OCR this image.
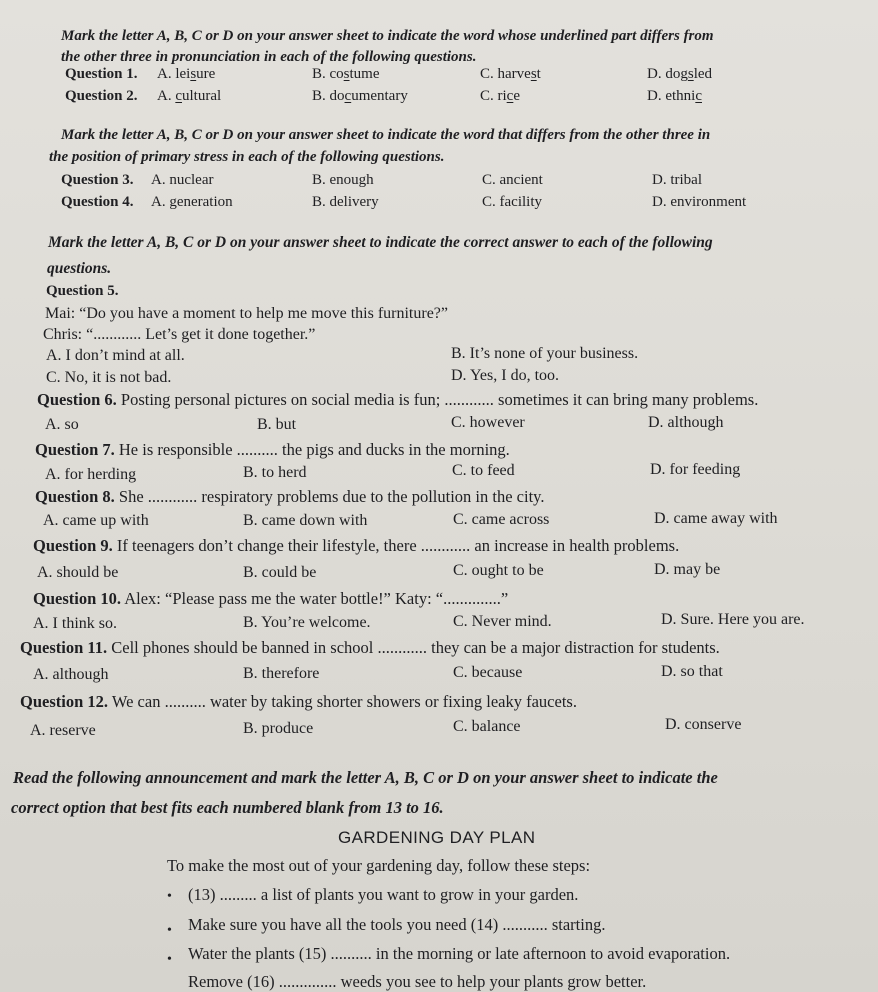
Mark the letter A, B, C or D on your answer sheet to indicate the word whose underlined part differs from
the other three in pronunciation in each of the following questions.
Question 1. A. leisure	B. costume	C. harvest	D. dogsled
Question 2. A. cultural	B. documentary	C. rice	D. ethnic
Mark the letter A, B, C or D on your answer sheet to indicate the word that differs from the other three in
the position of primary stress in each of the following questions.
Question 3. A. nuclear	B. enough	C. ancient	D. tribal
Question 4. A. generation	B. delivery	C. facility	D. environment
Mark the letter A, B, C or D on your answer sheet to indicate the correct answer to each of the following
questions.
Question 5.
Mai: “Do you have a moment to help me move this furniture?”
Chris: “............ Let’s get it done together.”
A. I don’t mind at all.	B. It’s none of your business.
C. No, it is not bad.	D. Yes, I do, too.
Question 6. Posting personal pictures on social media is fun; ............ sometimes it can bring many problems.
A. so	B. but	C. however	D. although
Question 7. He is responsible .......... the pigs and ducks in the morning.
A. for herding	B. to herd	C. to feed	D. for feeding
Question 8. She ............ respiratory problems due to the pollution in the city.
A. came up with	B. came down with	C. came across	D. came away with
Question 9. If teenagers don’t change their lifestyle, there ............ an increase in health problems.
A. should be	B. could be	C. ought to be	D. may be
Question 10. Alex: “Please pass me the water bottle!” Katy: “..............”
A. I think so.	B. You’re welcome.	C. Never mind.	D. Sure. Here you are.
Question 11. Cell phones should be banned in school ............ they can be a major distraction for students.
A. although	B. therefore	C. because	D. so that
Question 12. We can .......... water by taking shorter showers or fixing leaky faucets.
A. reserve	B. produce	C. balance	D. conserve
Read the following announcement and mark the letter A, B, C or D on your answer sheet to indicate the
correct option that best fits each numbered blank from 13 to 16.
GARDENING DAY PLAN
To make the most out of your gardening day, follow these steps:
• (13) ......... a list of plants you want to grow in your garden.
• Make sure you have all the tools you need (14) ........... starting.
• Water the plants (15) .......... in the morning or late afternoon to avoid evaporation.
Remove (16) .............. weeds you see to help your plants grow better.
